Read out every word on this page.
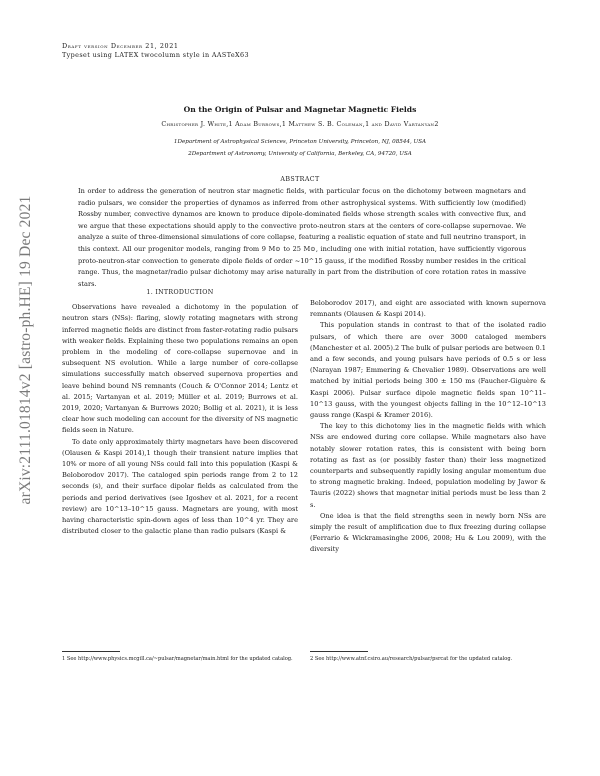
Draft version December 21, 2021
Typeset using LATEX twocolumn style in AASTeX63
arXiv:2111.01814v2 [astro-ph.HE] 19 Dec 2021
On the Origin of Pulsar and Magnetar Magnetic Fields
Christopher J. White,1 Adam Burrows,1 Matthew S. B. Coleman,1 and David Vartanyan2
1Department of Astrophysical Sciences, Princeton University, Princeton, NJ, 08544, USA
2Department of Astronomy, University of California, Berkeley, CA, 94720, USA
ABSTRACT
In order to address the generation of neutron star magnetic fields, with particular focus on the dichotomy between magnetars and radio pulsars, we consider the properties of dynamos as inferred from other astrophysical systems. With sufficiently low (modified) Rossby number, convective dynamos are known to produce dipole-dominated fields whose strength scales with convective flux, and we argue that these expectations should apply to the convective proto-neutron stars at the centers of core-collapse supernovae. We analyze a suite of three-dimensional simulations of core collapse, featuring a realistic equation of state and full neutrino transport, in this context. All our progenitor models, ranging from 9 M⊙ to 25 M⊙, including one with initial rotation, have sufficiently vigorous proto-neutron-star convection to generate dipole fields of order ~10^15 gauss, if the modified Rossby number resides in the critical range. Thus, the magnetar/radio pulsar dichotomy may arise naturally in part from the distribution of core rotation rates in massive stars.
1. INTRODUCTION

Observations have revealed a dichotomy in the population of neutron stars (NSs): flaring, slowly rotating magnetars with strong inferred magnetic fields are distinct from faster-rotating radio pulsars with weaker fields. Explaining these two populations remains an open problem in the modeling of core-collapse supernovae and in subsequent NS evolution. While a large number of core-collapse simulations successfully match observed supernova properties and leave behind bound NS remnants (Couch & O'Connor 2014; Lentz et al. 2015; Vartanyan et al. 2019; Müller et al. 2019; Burrows et al. 2019, 2020; Vartanyan & Burrows 2020; Bollig et al. 2021), it is less clear how such modeling can account for the diversity of NS magnetic fields seen in Nature.

To date only approximately thirty magnetars have been discovered (Olausen & Kaspi 2014),1 though their transient nature implies that 10% or more of all young NSs could fall into this population (Kaspi & Beloborodov 2017). The cataloged spin periods range from 2 to 12 seconds (s), and their surface dipolar fields as calculated from the periods and period derivatives (see Igoshev et al. 2021, for a recent review) are 10^13–10^15 gauss. Magnetars are young, with most having characteristic spin-down ages of less than 10^4 yr. They are distributed closer to the galactic plane than radio pulsars (Kaspi &

Beloborodov 2017), and eight are associated with known supernova remnants (Olausen & Kaspi 2014).

This population stands in contrast to that of the isolated radio pulsars, of which there are over 3000 cataloged members (Manchester et al. 2005).2 The bulk of pulsar periods are between 0.1 and a few seconds, and young pulsars have periods of 0.5 s or less (Narayan 1987; Emmering & Chevalier 1989). Observations are well matched by initial periods being 300 ± 150 ms (Faucher-Giguère & Kaspi 2006). Pulsar surface dipole magnetic fields span 10^11–10^13 gauss, with the youngest objects falling in the 10^12–10^13 gauss range (Kaspi & Kramer 2016).

The key to this dichotomy lies in the magnetic fields with which NSs are endowed during core collapse. While magnetars also have notably slower rotation rates, this is consistent with being born rotating as fast as (or possibly faster than) their less magnetized counterparts and subsequently rapidly losing angular momentum due to strong magnetic braking. Indeed, population modeling by Jawor & Tauris (2022) shows that magnetar initial periods must be less than 2 s.

One idea is that the field strengths seen in newly born NSs are simply the result of amplification due to flux freezing during collapse (Ferrario & Wickramasinghe 2006, 2008; Hu & Lou 2009), with the diversity

1 See http://www.physics.mcgill.ca/~pulsar/magnetar/main.html for the updated catalog.	2 See http://www.atnf.csiro.au/research/pulsar/psrcat for the updated catalog.
